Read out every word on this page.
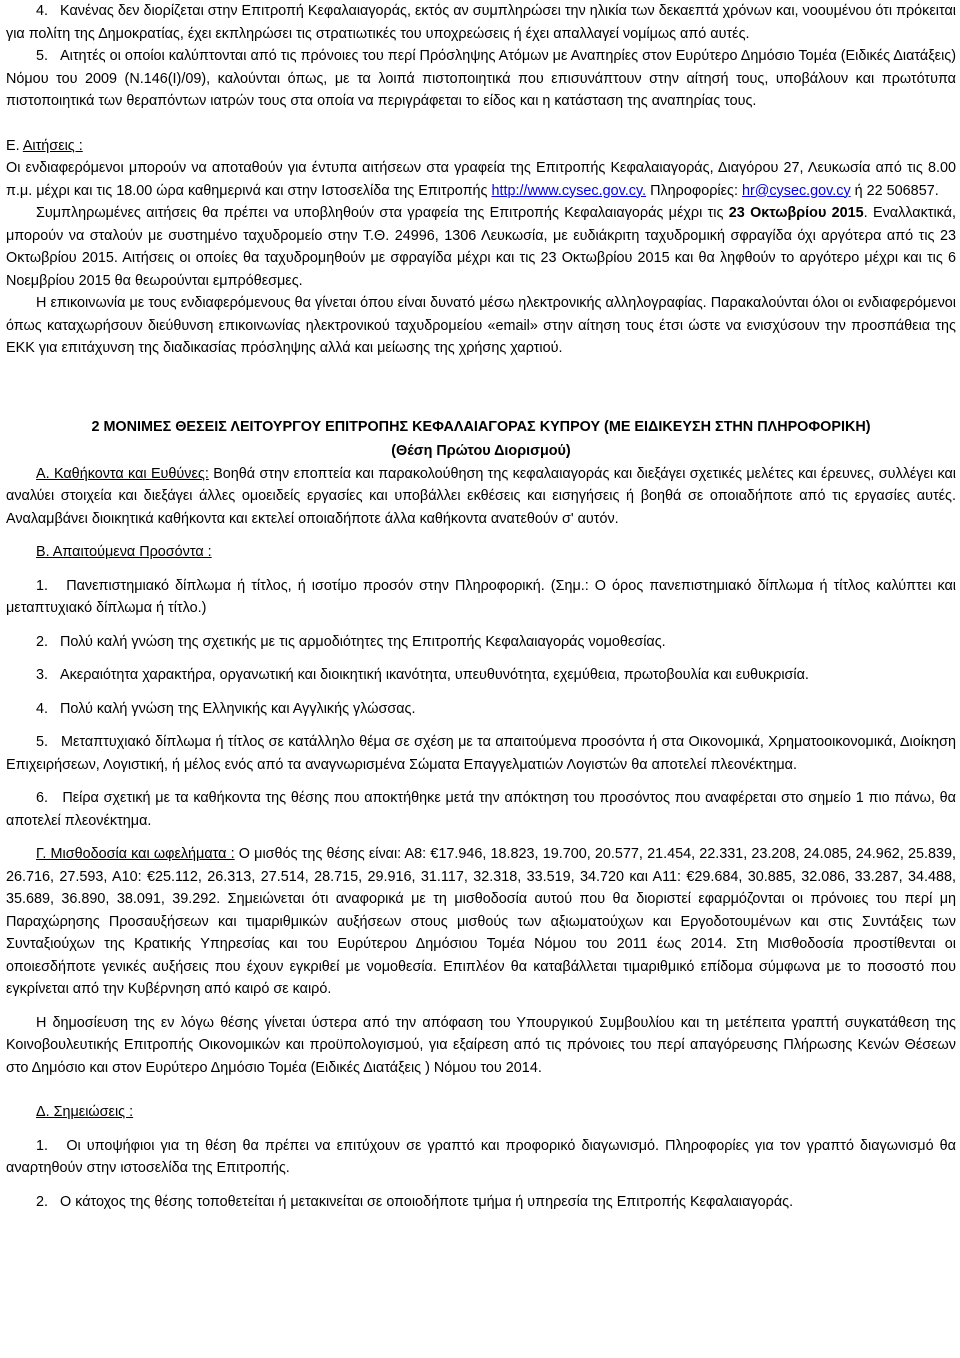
4. Κανένας δεν διορίζεται στην Επιτροπή Κεφαλαιαγοράς, εκτός αν συμπληρώσει την ηλικία των δεκαεπτά χρόνων και, νοουμένου ότι πρόκειται για πολίτη της Δημοκρατίας, έχει εκπληρώσει τις στρατιωτικές του υποχρεώσεις ή έχει απαλλαγεί νομίμως από αυτές.

5. Αιτητές οι οποίοι καλύπτονται από τις πρόνοιες του περί Πρόσληψης Ατόμων με Αναπηρίες στον Ευρύτερο Δημόσιο Τομέα (Ειδικές Διατάξεις) Νόμου του 2009 (Ν.146(Ι)/09), καλούνται όπως, με τα λοιπά πιστοποιητικά που επισυνάπτουν στην αίτησή τους, υποβάλουν και πρωτότυπα πιστοποιητικά των θεραπόντων ιατρών τους στα οποία να περιγράφεται το είδος και η κατάσταση της αναπηρίας τους.

Ε. Αιτήσεις :

Οι ενδιαφερόμενοι μπορούν να αποταθούν για έντυπα αιτήσεων στα γραφεία της Επιτροπής Κεφαλαιαγοράς, Διαγόρου 27, Λευκωσία από τις 8.00 π.μ. μέχρι και τις 18.00 ώρα καθημερινά και στην Ιστοσελίδα της Επιτροπής http://www.cysec.gov.cy. Πληροφορίες: hr@cysec.gov.cy ή 22 506857.

Συμπληρωμένες αιτήσεις θα πρέπει να υποβληθούν στα γραφεία της Επιτροπής Κεφαλαιαγοράς μέχρι τις 23 Οκτωβρίου 2015. Εναλλακτικά, μπορούν να σταλούν με συστημένο ταχυδρομείο στην Τ.Θ. 24996, 1306 Λευκωσία, με ευδιάκριτη ταχυδρομική σφραγίδα όχι αργότερα από τις 23 Οκτωβρίου 2015. Αιτήσεις οι οποίες θα ταχυδρομηθούν με σφραγίδα μέχρι και τις 23 Οκτωβρίου 2015 και θα ληφθούν το αργότερο μέχρι και τις 6 Νοεμβρίου 2015 θα θεωρούνται εμπρόθεσμες.

Η επικοινωνία με τους ενδιαφερόμενους θα γίνεται όπου είναι δυνατό μέσω ηλεκτρονικής αλληλογραφίας. Παρακαλούνται όλοι οι ενδιαφερόμενοι όπως καταχωρήσουν διεύθυνση επικοινωνίας ηλεκτρονικού ταχυδρομείου «email» στην αίτηση τους έτσι ώστε να ενισχύσουν την προσπάθεια της ΕΚΚ για επιτάχυνση της διαδικασίας πρόσληψης αλλά και μείωσης της χρήσης χαρτιού.

2 ΜΟΝΙΜΕΣ ΘΕΣΕΙΣ ΛΕΙΤΟΥΡΓΟΥ ΕΠΙΤΡΟΠΗΣ ΚΕΦΑΛΑΙΑΓΟΡΑΣ ΚΥΠΡΟΥ (ΜΕ ΕΙΔΙΚΕΥΣΗ ΣΤΗΝ ΠΛΗΡΟΦΟΡΙΚΗ)

(Θέση Πρώτου Διορισμού)

Α. Καθήκοντα και Ευθύνες: Βοηθά στην εποπτεία και παρακολούθηση της κεφαλαιαγοράς και διεξάγει σχετικές μελέτες και έρευνες, συλλέγει και αναλύει στοιχεία και διεξάγει άλλες ομοειδείς εργασίες και υποβάλλει εκθέσεις και εισηγήσεις ή βοηθά σε οποιαδήποτε από τις εργασίες αυτές. Αναλαμβάνει διοικητικά καθήκοντα και εκτελεί οποιαδήποτε άλλα καθήκοντα ανατεθούν σ' αυτόν.

Β. Απαιτούμενα Προσόντα :

1. Πανεπιστημιακό δίπλωμα ή τίτλος, ή ισοτίμο προσόν στην Πληροφορική. (Σημ.: Ο όρος πανεπιστημιακό δίπλωμα ή τίτλος καλύπτει και μεταπτυχιακό δίπλωμα ή τίτλο.)

2. Πολύ καλή γνώση της σχετικής με τις αρμοδιότητες της Επιτροπής Κεφαλαιαγοράς νομοθεσίας.

3. Ακεραιότητα χαρακτήρα, οργανωτική και διοικητική ικανότητα, υπευθυνότητα, εχεμύθεια, πρωτοβουλία και ευθυκρισία.

4. Πολύ καλή γνώση της Ελληνικής και Αγγλικής γλώσσας.

5. Μεταπτυχιακό δίπλωμα ή τίτλος σε κατάλληλο θέμα σε σχέση με τα απαιτούμενα προσόντα ή στα Οικονομικά, Χρηματοοικονομικά, Διοίκηση Επιχειρήσεων, Λογιστική, ή μέλος ενός από τα αναγνωρισμένα Σώματα Επαγγελματιών Λογιστών θα αποτελεί πλεονέκτημα.

6. Πείρα σχετική με τα καθήκοντα της θέσης που αποκτήθηκε μετά την απόκτηση του προσόντος που αναφέρεται στο σημείο 1 πιο πάνω, θα αποτελεί πλεονέκτημα.

Γ. Μισθοδοσία και ωφελήματα : Ο μισθός της θέσης είναι: Α8: €17.946, 18.823, 19.700, 20.577, 21.454, 22.331, 23.208, 24.085, 24.962, 25.839, 26.716, 27.593, Α10: €25.112, 26.313, 27.514, 28.715, 29.916, 31.117, 32.318, 33.519, 34.720 και Α11: €29.684, 30.885, 32.086, 33.287, 34.488, 35.689, 36.890, 38.091, 39.292. Σημειώνεται ότι αναφορικά με τη μισθοδοσία αυτού που θα διοριστεί εφαρμόζονται οι πρόνοιες του περί μη Παραχώρησης Προσαυξήσεων και τιμαριθμικών αυξήσεων στους μισθούς των αξιωματούχων και Εργοδοτουμένων και στις Συντάξεις των Συνταξιούχων της Κρατικής Υπηρεσίας και του Ευρύτερου Δημόσιου Τομέα Νόμου του 2011 έως 2014. Στη Μισθοδοσία προστίθενται οι οποιεσδήποτε γενικές αυξήσεις που έχουν εγκριθεί με νομοθεσία. Επιπλέον θα καταβάλλεται τιμαριθμικό επίδομα σύμφωνα με το ποσοστό που εγκρίνεται από την Κυβέρνηση από καιρό σε καιρό.

Η δημοσίευση της εν λόγω θέσης γίνεται ύστερα από την απόφαση του Υπουργικού Συμβουλίου και τη μετέπειτα γραπτή συγκατάθεση της Κοινοβουλευτικής Επιτροπής Οικονομικών και προϋπολογισμού, για εξαίρεση από τις πρόνοιες του περί απαγόρευσης Πλήρωσης Κενών Θέσεων στο Δημόσιο και στον Ευρύτερο Δημόσιο Τομέα (Ειδικές Διατάξεις ) Νόμου του 2014.

Δ. Σημειώσεις :

1. Οι υποψήφιοι για τη θέση θα πρέπει να επιτύχουν σε γραπτό και προφορικό διαγωνισμό. Πληροφορίες για τον γραπτό διαγωνισμό θα αναρτηθούν στην ιστοσελίδα της Επιτροπής.

2. Ο κάτοχος της θέσης τοποθετείται ή μετακινείται σε οποιοδήποτε τμήμα ή υπηρεσία της Επιτροπής Κεφαλαιαγοράς.
